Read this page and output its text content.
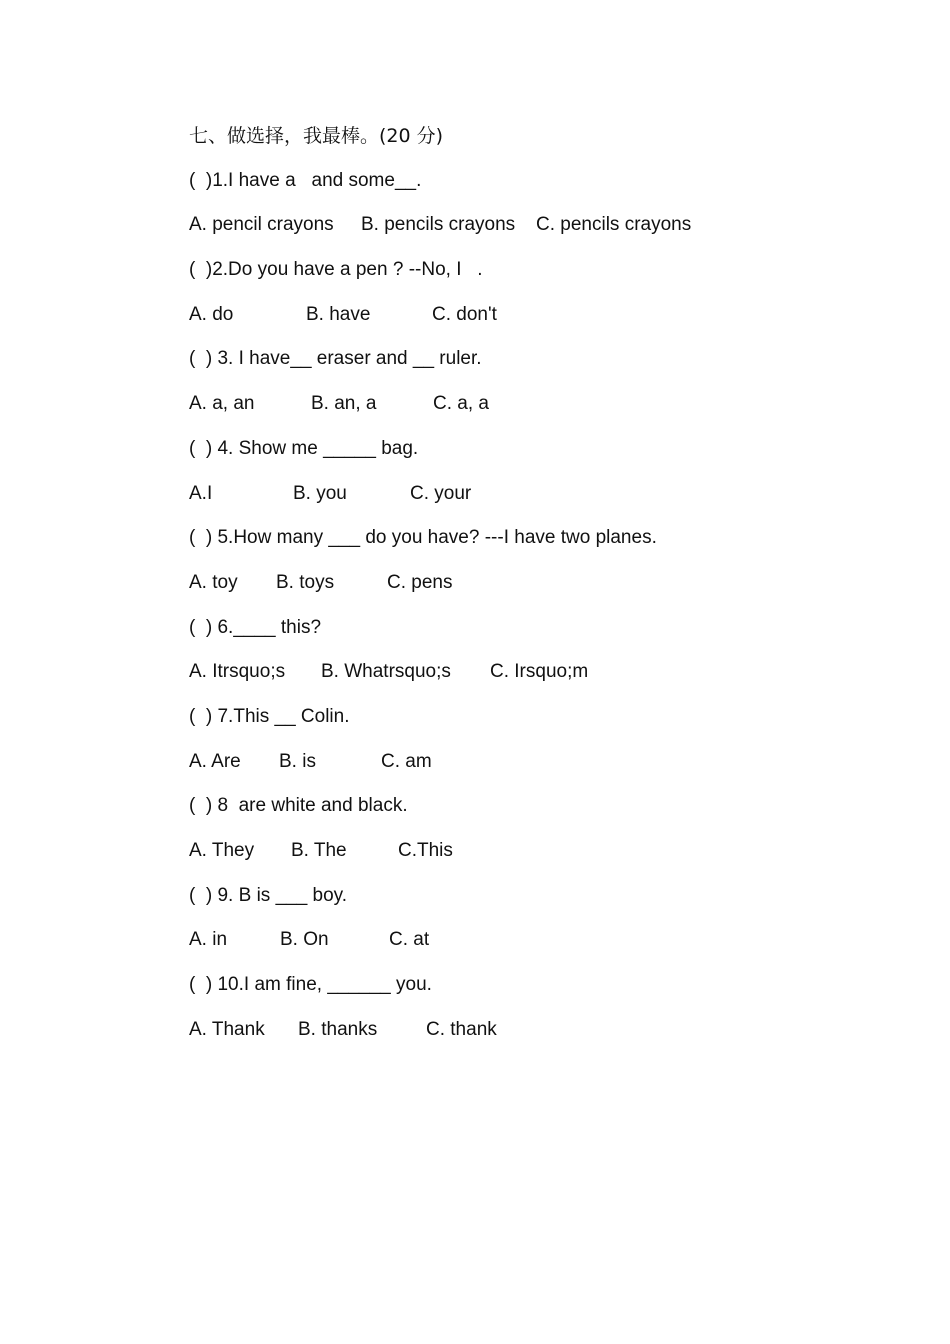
七、做选择，我最棒。(20 分)
(  )1.I have a   and some__.

A. pencil crayons

B. pencils crayons

C. pencils crayons

(  )2.Do you have a pen ? --No, I   .

A. do

	B. have

	C. don't

(  ) 3. I have__ eraser and __ ruler.

A. a, an

	B. an, a

	C. a, a

(  ) 4. Show me _____ bag.

A.I

	B. you

	C. your

(  ) 5.How many ___ do you have? ---I have two planes.

A. toy

B. toys

	C. pens

(  ) 6.____ this?

A. Itrsquo;s

B. Whatrsquo;s

C. Irsquo;m

(  ) 7.This __ Colin.

A. Are

B. is

	C. am

(  ) 8  are white and black.

A. They

B. The

	C.This

(  ) 9. B is ___ boy.

A. in

	B. On

	C. at

(  ) 10.I am fine, ______ you.

A. Thank

B. thanks

	C. thank
